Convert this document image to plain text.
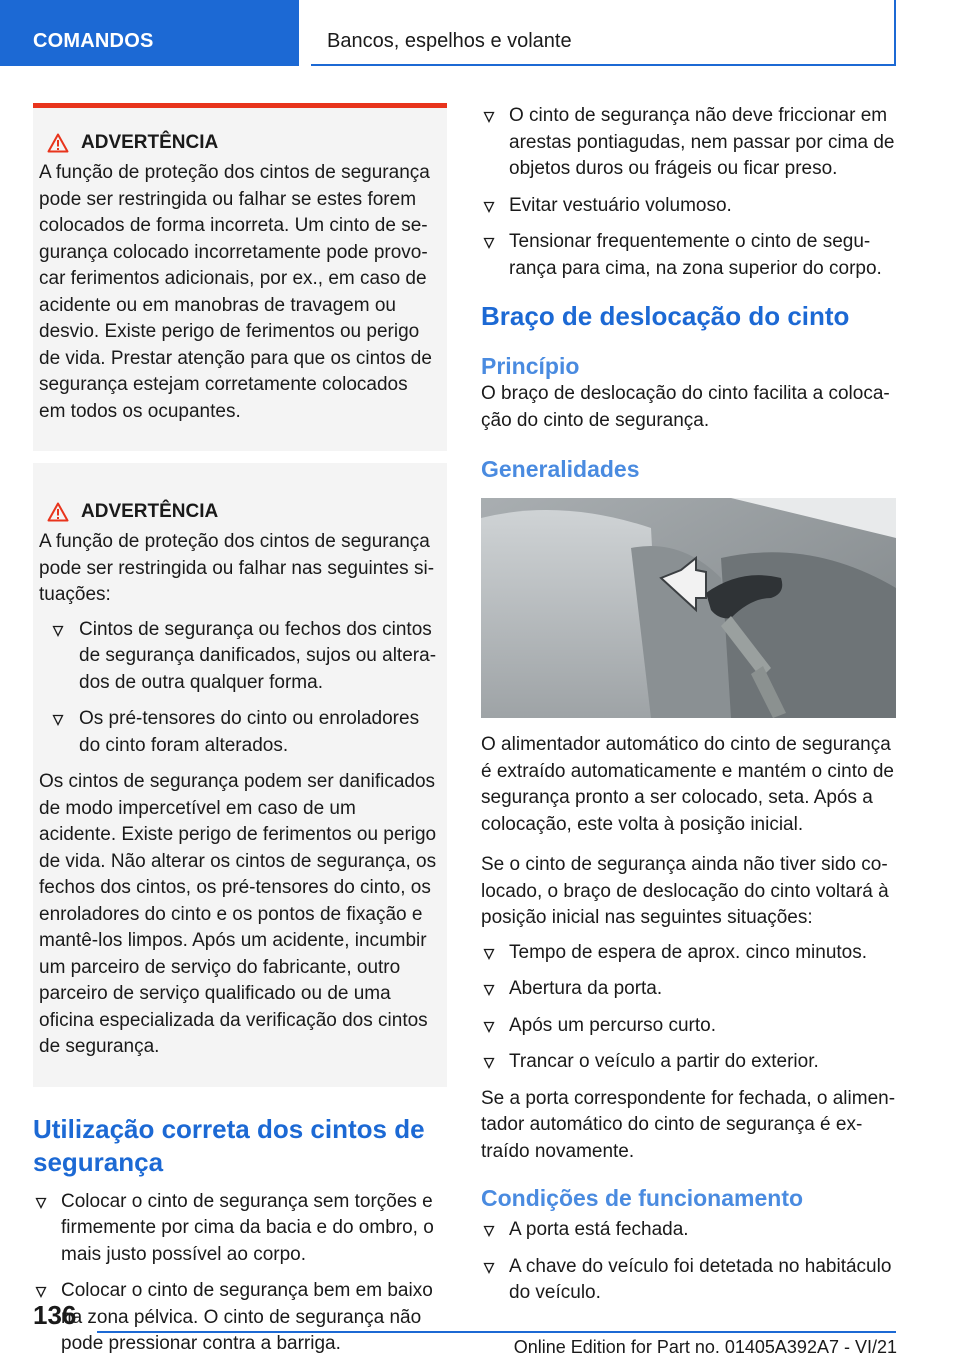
COMANDOS	Bancos, espelhos e volante
ADVERTÊNCIA
A função de proteção dos cintos de segurança pode ser restringida ou falhar se estes forem colocados de forma incorreta. Um cinto de segurança colocado incorretamente pode provocar ferimentos adicionais, por ex., em caso de acidente ou em manobras de travagem ou desvio. Existe perigo de ferimentos ou perigo de vida. Prestar atenção para que os cintos de segurança estejam corretamente colocados em todos os ocupantes.
ADVERTÊNCIA
A função de proteção dos cintos de segurança pode ser restringida ou falhar nas seguintes situações:
Cintos de segurança ou fechos dos cintos de segurança danificados, sujos ou alterados de outra qualquer forma.
Os pré-tensores do cinto ou enroladores do cinto foram alterados.
Os cintos de segurança podem ser danificados de modo impercetível em caso de um acidente. Existe perigo de ferimentos ou perigo de vida. Não alterar os cintos de segurança, os fechos dos cintos, os pré-tensores do cinto, os enroladores do cinto e os pontos de fixação e mantê-los limpos. Após um acidente, incumbir um parceiro de serviço do fabricante, outro parceiro de serviço qualificado ou de uma oficina especializada da verificação dos cintos de segurança.
Utilização correta dos cintos de segurança
Colocar o cinto de segurança sem torções e firmemente por cima da bacia e do ombro, o mais justo possível ao corpo.
Colocar o cinto de segurança bem em baixo na zona pélvica. O cinto de segurança não pode pressionar contra a barriga.
O cinto de segurança não deve friccionar em arestas pontiagudas, nem passar por cima de objetos duros ou frágeis ou ficar preso.
Evitar vestuário volumoso.
Tensionar frequentemente o cinto de segurança para cima, na zona superior do corpo.
Braço de deslocação do cinto
Princípio
O braço de deslocação do cinto facilita a colocação do cinto de segurança.
Generalidades
O alimentador automático do cinto de segurança é extraído automaticamente e mantém o cinto de segurança pronto a ser colocado, seta. Após a colocação, este volta à posição inicial.
Se o cinto de segurança ainda não tiver sido colocado, o braço de deslocação do cinto voltará à posição inicial nas seguintes situações:
Tempo de espera de aprox. cinco minutos.
Abertura da porta.
Após um percurso curto.
Trancar o veículo a partir do exterior.
Se a porta correspondente for fechada, o alimentador automático do cinto de segurança é extraído novamente.
Condições de funcionamento
A porta está fechada.
A chave do veículo foi detetada no habitáculo do veículo.
136
Online Edition for Part no. 01405A392A7 - VI/21
